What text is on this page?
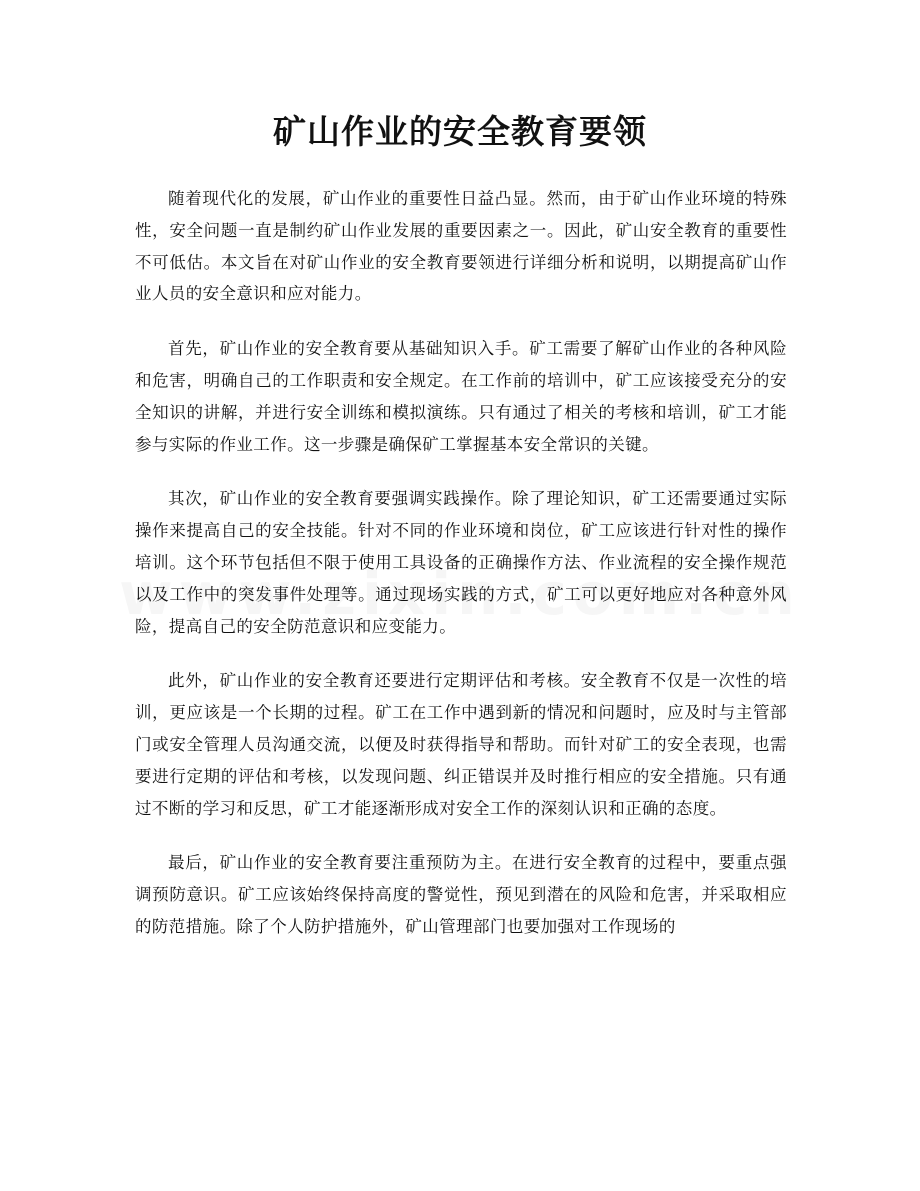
矿山作业的安全教育要领

随着现代化的发展，矿山作业的重要性日益凸显。然而，由于矿山作业环境的特殊性，安全问题一直是制约矿山作业发展的重要因素之一。因此，矿山安全教育的重要性不可低估。本文旨在对矿山作业的安全教育要领进行详细分析和说明，以期提高矿山作业人员的安全意识和应对能力。

首先，矿山作业的安全教育要从基础知识入手。矿工需要了解矿山作业的各种风险和危害，明确自己的工作职责和安全规定。在工作前的培训中，矿工应该接受充分的安全知识的讲解，并进行安全训练和模拟演练。只有通过了相关的考核和培训，矿工才能参与实际的作业工作。这一步骤是确保矿工掌握基本安全常识的关键。

其次，矿山作业的安全教育要强调实践操作。除了理论知识，矿工还需要通过实际操作来提高自己的安全技能。针对不同的作业环境和岗位，矿工应该进行针对性的操作培训。这个环节包括但不限于使用工具设备的正确操作方法、作业流程的安全操作规范以及工作中的突发事件处理等。通过现场实践的方式，矿工可以更好地应对各种意外风险，提高自己的安全防范意识和应变能力。

此外，矿山作业的安全教育还要进行定期评估和考核。安全教育不仅是一次性的培训，更应该是一个长期的过程。矿工在工作中遇到新的情况和问题时，应及时与主管部门或安全管理人员沟通交流，以便及时获得指导和帮助。而针对矿工的安全表现，也需要进行定期的评估和考核，以发现问题、纠正错误并及时推行相应的安全措施。只有通过不断的学习和反思，矿工才能逐渐形成对安全工作的深刻认识和正确的态度。

最后，矿山作业的安全教育要注重预防为主。在进行安全教育的过程中，要重点强调预防意识。矿工应该始终保持高度的警觉性，预见到潜在的风险和危害，并采取相应的防范措施。除了个人防护措施外，矿山管理部门也要加强对工作现场的
